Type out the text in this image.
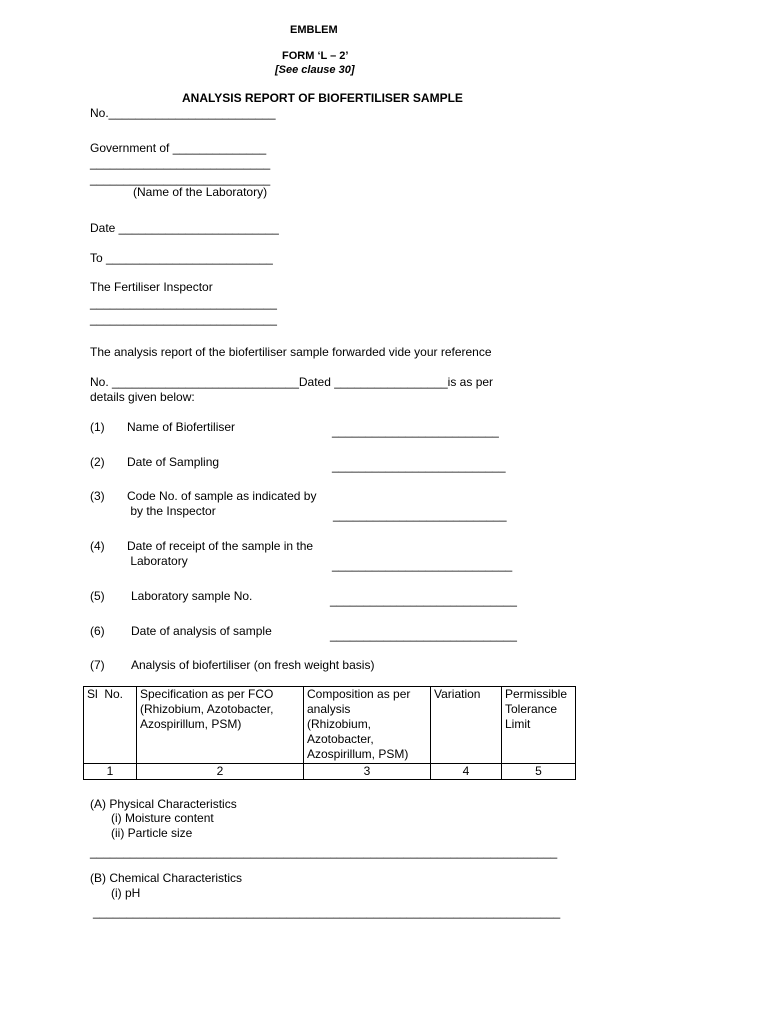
EMBLEM
FORM ‘L – 2’
[See clause 30]
ANALYSIS REPORT OF BIOFERTILISER SAMPLE
No._________________________
Government of ______________
___________________________
___________________________
(Name of the Laboratory)
Date ________________________
To _________________________
The Fertiliser Inspector
____________________________
____________________________
The analysis report of the biofertiliser sample forwarded vide your reference
No. ____________________________Dated _________________is as per
details given below:
(1) Name of Biofertiliser	_________________________
(2) Date of Sampling	__________________________
(3) Code No. of sample as indicated by
by the Inspector	__________________________
(4) Date of receipt of the sample in the
Laboratory	___________________________
(5) Laboratory sample No.	____________________________
(6) Date of analysis of sample	____________________________
(7) Analysis of biofertiliser (on fresh weight basis)
Sl  No.	Specification as per FCO
(Rhizobium, Azotobacter,
Azospirillum, PSM)	Composition as per
analysis
(Rhizobium,
Azotobacter,
Azospirillum, PSM)	Variation	Permissible
Tolerance
Limit
1	2	3	4	5
(A) Physical Characteristics
(i) Moisture content
(ii) Particle size
______________________________________________________________________
(B) Chemical Characteristics
(i) pH
______________________________________________________________________
